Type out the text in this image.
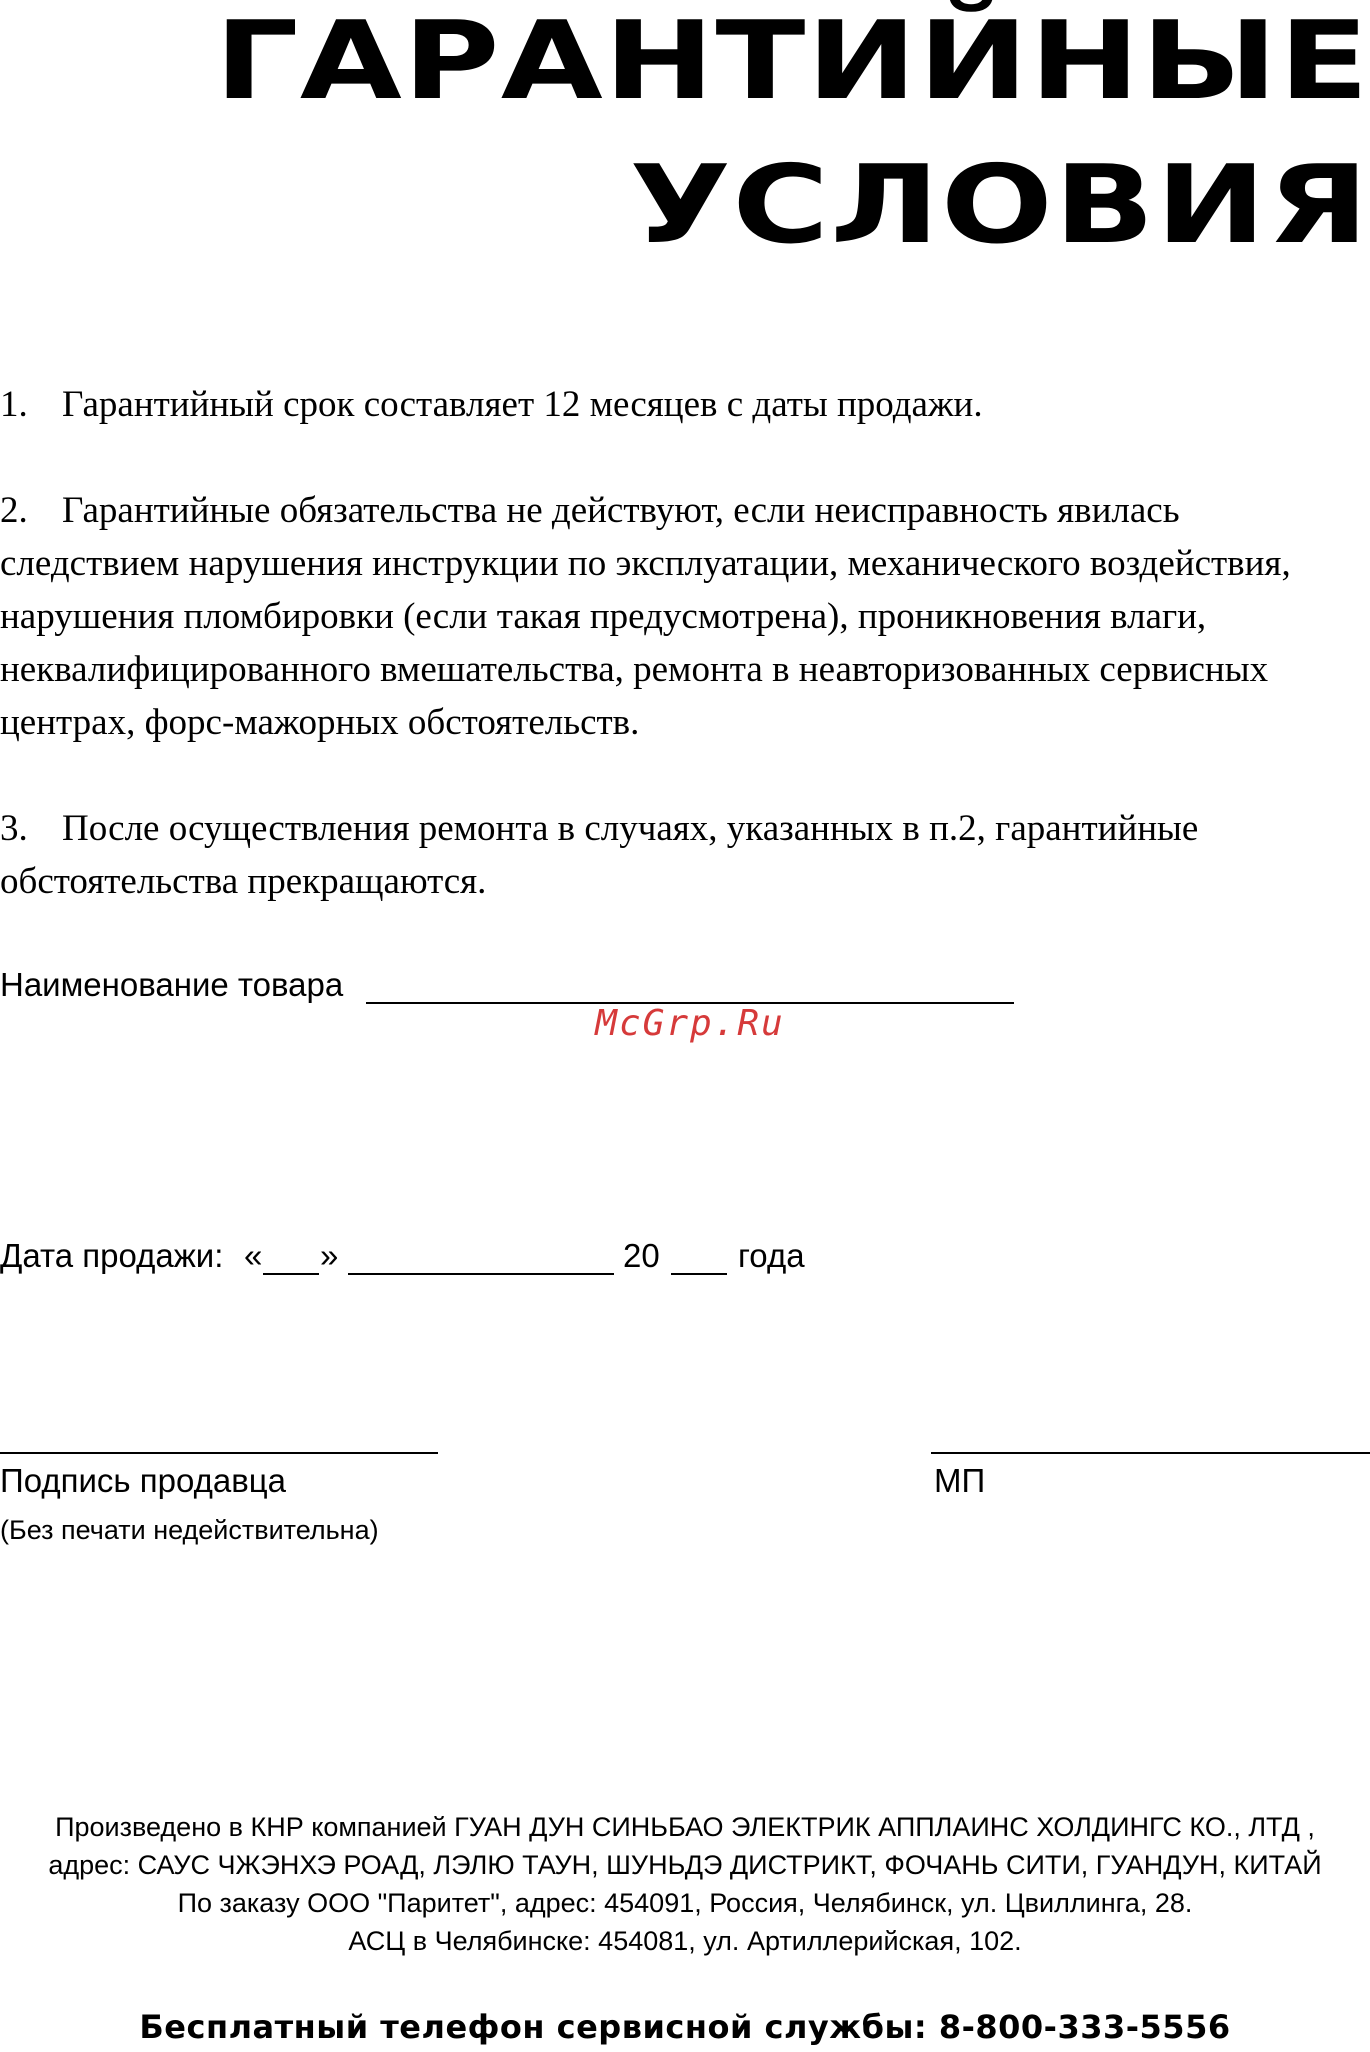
ГАРАНТИЙНЫЕ
УСЛОВИЯ

1. Гарантийный срок составляет 12 месяцев с даты продажи.

2. Гарантийные обязательства не действуют, если неисправность явилась следствием нарушения инструкции по эксплуатации, механического воздействия, нарушения пломбировки (если такая предусмотрена), проникновения влаги, неквалифицированного вмешательства, ремонта в неавторизованных сервисных центрах, форс-мажорных обстоятельств.

3. После осуществления ремонта в случаях, указанных в п.2, гарантийные обстоятельства прекращаются.

Наименование товара
McGrp.Ru
Дата продажи: « »	20 года
Подпись продавца	МП
(Без печати недействительна)
Произведено в КНР компанией ГУАН ДУН СИНЬБАО ЭЛЕКТРИК АППЛАИНС ХОЛДИНГС КО., ЛТД ,
адрес: САУС ЧЖЭНХЭ РОАД, ЛЭЛЮ ТАУН, ШУНЬДЭ ДИСТРИКТ, ФОЧАНЬ СИТИ, ГУАНДУН, КИТАЙ
По заказу ООО "Паритет", адрес: 454091, Россия, Челябинск, ул. Цвиллинга, 28.
АСЦ в Челябинске: 454081, ул. Артиллерийская, 102.
Бесплатный телефон сервисной службы: 8-800-333-5556
